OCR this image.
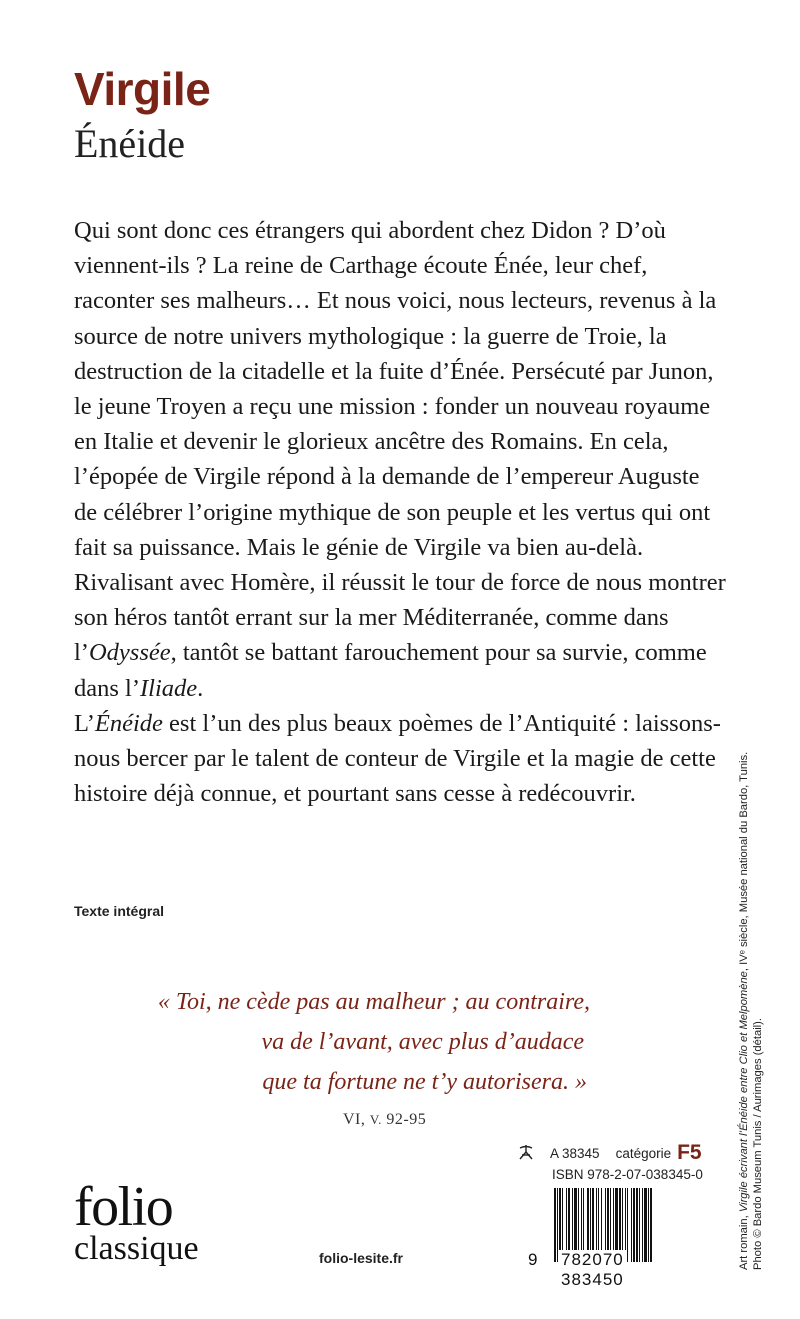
Virgile
Énéide

Qui sont donc ces étrangers qui abordent chez Didon ? D’où viennent-ils ? La reine de Carthage écoute Énée, leur chef, raconter ses malheurs… Et nous voici, nous lecteurs, revenus à la source de notre univers mythologique : la guerre de Troie, la destruction de la citadelle et la fuite d’Énée. Persécuté par Junon, le jeune Troyen a reçu une mission : fonder un nouveau royaume en Italie et devenir le glorieux ancêtre des Romains. En cela, l’épopée de Virgile répond à la demande de l’empereur Auguste de célébrer l’origine mythique de son peuple et les vertus qui ont fait sa puissance. Mais le génie de Virgile va bien au-delà. Rivalisant avec Homère, il réussit le tour de force de nous montrer son héros tantôt errant sur la mer Méditerranée, comme dans l’Odyssée, tantôt se battant farouchement pour sa survie, comme dans l’Iliade.

L’Énéide est l’un des plus beaux poèmes de l’Antiquité : laissons-nous bercer par le talent de conteur de Virgile et la magie de cette histoire déjà connue, et pourtant sans cesse à redécouvrir.

Texte intégral
« Toi, ne cède pas au malheur ; au contraire,
va de l’avant, avec plus d’audace
que ta fortune ne t’y autorisera. »
VI, V. 92-95
A 38345 catégorie F5
ISBN 978-2-07-038345-0
9 782070 383450
folio
classique	folio-lesite.fr	Art romain, Virgile écrivant l’Énéide entre Clio et Melpomène, IVᵉ siècle, Musée national du Bardo, Tunis.
Photo © Bardo Museum Tunis / Aurimages (détail).
